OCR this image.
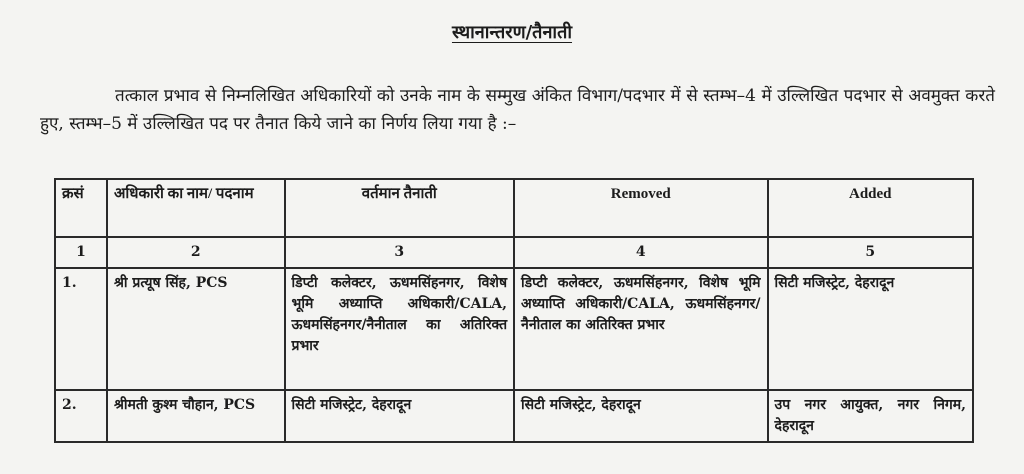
स्थानान्तरण/तैनाती
तत्काल प्रभाव से निम्नलिखित अधिकारियों को उनके नाम के सम्मुख अंकित विभाग/पदभार में से स्तम्भ–4 में उल्लिखित पदभार से अवमुक्त करते हुए, स्तम्भ–5 में उल्लिखित पद पर तैनात किये जाने का निर्णय लिया गया है :–
क्रसं	अधिकारी का नाम/ पदनाम	वर्तमान तैनाती	Removed	Added
1	2	3	4	5
1.	श्री प्रत्यूष सिंह, PCS	डिप्टी कलेक्टर, ऊधमसिंहनगर, विशेष भूमि अध्याप्ति अधिकारी/CALA, ऊधमसिंहनगर/नैनीताल का अतिरिक्त प्रभार	डिप्टी कलेक्टर, ऊधमसिंहनगर, विशेष भूमि अध्याप्ति अधिकारी/CALA, ऊधमसिंहनगर/नैनीताल का अतिरिक्त प्रभार	सिटी मजिस्ट्रेट, देहरादून
2.	श्रीमती कुश्म चौहान, PCS	सिटी मजिस्ट्रेट, देहरादून	सिटी मजिस्ट्रेट, देहरादून	उप नगर आयुक्त, नगर निगम, देहरादून
